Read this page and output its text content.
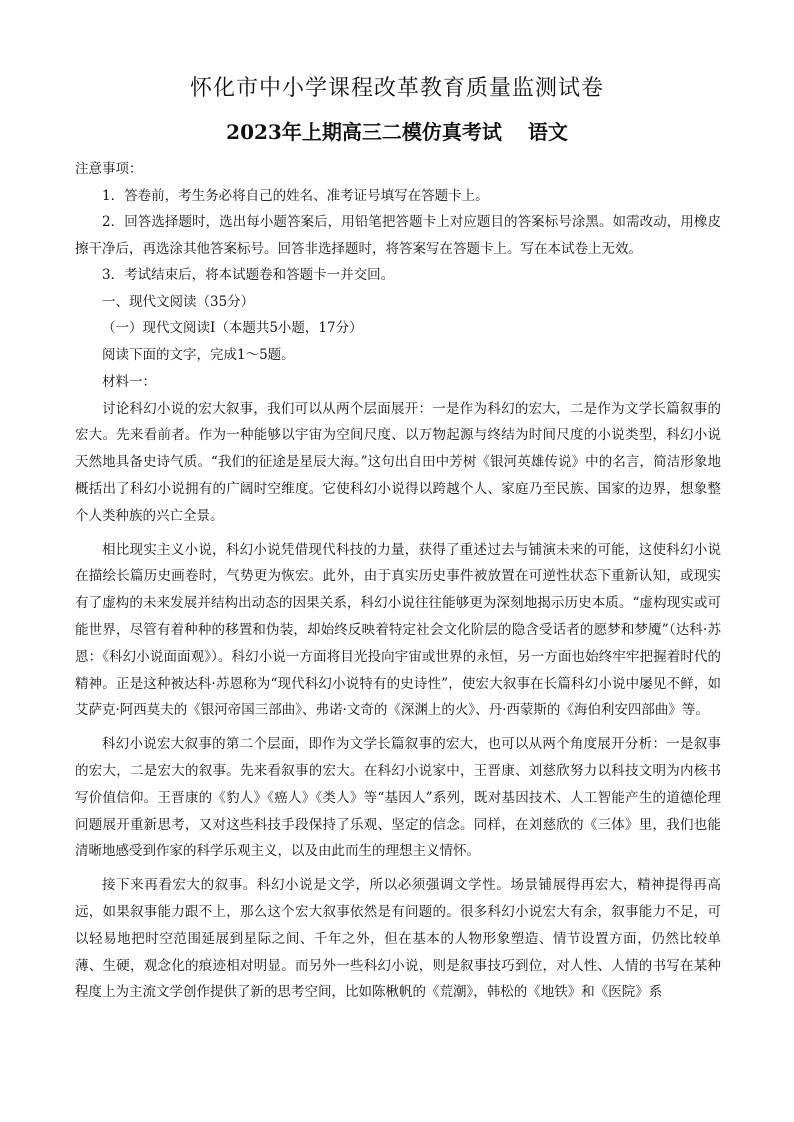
怀化市中小学课程改革教育质量监测试卷
2023年上期高三二模仿真考试 语文

注意事项：

1．答卷前，考生务必将自己的姓名、准考证号填写在答题卡上。

2．回答选择题时，选出每小题答案后，用铅笔把答题卡上对应题目的答案标号涂黑。如需改动，用橡皮擦干净后，再选涂其他答案标号。回答非选择题时，将答案写在答题卡上。写在本试卷上无效。

3．考试结束后，将本试题卷和答题卡一并交回。

一、现代文阅读（35分）

（一）现代文阅读Ⅰ（本题共5小题，17分）

阅读下面的文字，完成1～5题。

材料一：

讨论科幻小说的宏大叙事，我们可以从两个层面展开：一是作为科幻的宏大，二是作为文学长篇叙事的宏大。先来看前者。作为一种能够以宇宙为空间尺度、以万物起源与终结为时间尺度的小说类型，科幻小说天然地具备史诗气质。“我们的征途是星辰大海。”这句出自田中芳树《银河英雄传说》中的名言，简洁形象地概括出了科幻小说拥有的广阔时空维度。它使科幻小说得以跨越个人、家庭乃至民族、国家的边界，想象整个人类种族的兴亡全景。

相比现实主义小说，科幻小说凭借现代科技的力量，获得了重述过去与铺演未来的可能，这使科幻小说在描绘长篇历史画卷时，气势更为恢宏。此外，由于真实历史事件被放置在可逆性状态下重新认知，或现实有了虚构的未来发展并结构出动态的因果关系，科幻小说往往能够更为深刻地揭示历史本质。“虚构现实或可能世界，尽管有着种种的移置和伪装，却始终反映着特定社会文化阶层的隐含受话者的愿梦和梦魇”（达科·苏恩：《科幻小说面面观》）。科幻小说一方面将目光投向宇宙或世界的永恒，另一方面也始终牢牢把握着时代的精神。正是这种被达科·苏恩称为“现代科幻小说特有的史诗性”，使宏大叙事在长篇科幻小说中屡见不鲜，如艾萨克·阿西莫夫的《银河帝国三部曲》、弗诺·文奇的《深渊上的火》、丹·西蒙斯的《海伯利安四部曲》等。

科幻小说宏大叙事的第二个层面，即作为文学长篇叙事的宏大，也可以从两个角度展开分析：一是叙事的宏大，二是宏大的叙事。先来看叙事的宏大。在科幻小说家中，王晋康、刘慈欣努力以科技文明为内核书写价值信仰。王晋康的《豹人》《癌人》《类人》等“基因人”系列，既对基因技术、人工智能产生的道德伦理问题展开重新思考，又对这些科技手段保持了乐观、坚定的信念。同样，在刘慈欣的《三体》里，我们也能清晰地感受到作家的科学乐观主义，以及由此而生的理想主义情怀。

接下来再看宏大的叙事。科幻小说是文学，所以必须强调文学性。场景铺展得再宏大，精神提得再高远，如果叙事能力跟不上，那么这个宏大叙事依然是有问题的。很多科幻小说宏大有余，叙事能力不足，可以轻易地把时空范围延展到星际之间、千年之外，但在基本的人物形象塑造、情节设置方面，仍然比较单薄、生硬，观念化的痕迹相对明显。而另外一些科幻小说，则是叙事技巧到位，对人性、人情的书写在某种程度上为主流文学创作提供了新的思考空间，比如陈楸帆的《荒潮》，韩松的《地铁》和《医院》系
